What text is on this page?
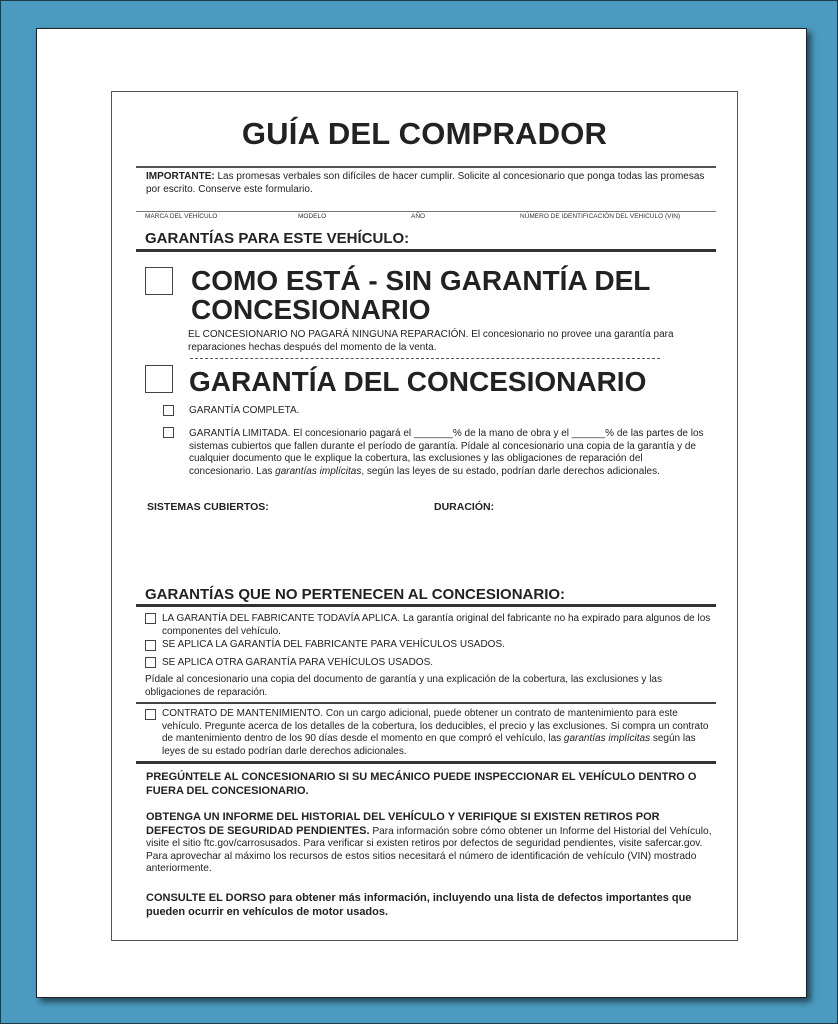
GUÍA DEL COMPRADOR
IMPORTANTE: Las promesas verbales son difíciles de hacer cumplir. Solicite al concesionario que ponga todas las promesas por escrito. Conserve este formulario.
MARCA DEL VEHÍCULO	MODELO	AÑO	NÚMERO DE IDENTIFICACIÓN DEL VEHICULO (VIN)
GARANTÍAS PARA ESTE VEHÍCULO:
COMO ESTÁ - SIN GARANTÍA DEL
CONCESIONARIO
EL CONCESIONARIO NO PAGARÁ NINGUNA REPARACIÓN. El concesionario no provee una garantía para reparaciones hechas después del momento de la venta.
GARANTÍA DEL CONCESIONARIO
GARANTÍA COMPLETA.
GARANTÍA LIMITADA. El concesionario pagará el _______% de la mano de obra y el ______% de las partes de los sistemas cubiertos que fallen durante el período de garantía. Pídale al concesionario una copia de la garantía y de cualquier documento que le explique la cobertura, las exclusiones y las obligaciones de reparación del concesionario. Las garantías implícitas, según las leyes de su estado, podrían darle derechos adicionales.
SISTEMAS CUBIERTOS:	DURACIÓN:
GARANTÍAS QUE NO PERTENECEN AL CONCESIONARIO:
LA GARANTÍA DEL FABRICANTE TODAVÍA APLICA. La garantía original del fabricante no ha expirado para algunos de los componentes del vehículo.
SE APLICA LA GARANTÍA DEL FABRICANTE PARA VEHÍCULOS USADOS.
SE APLICA OTRA GARANTÍA PARA VEHÍCULOS USADOS.
Pídale al concesionario una copia del documento de garantía y una explicación de la cobertura, las exclusiones y las obligaciones de reparación.
CONTRATO DE MANTENIMIENTO. Con un cargo adicional, puede obtener un contrato de mantenimiento para este vehículo. Pregunte acerca de los detalles de la cobertura, los deducibles, el precio y las exclusiones. Si compra un contrato de mantenimiento dentro de los 90 días desde el momento en que compró el vehículo, las garantías implícitas según las leyes de su estado podrían darle derechos adicionales.
PREGÚNTELE AL CONCESIONARIO SI SU MECÁNICO PUEDE INSPECCIONAR EL VEHÍCULO DENTRO O FUERA DEL CONCESIONARIO.
OBTENGA UN INFORME DEL HISTORIAL DEL VEHÍCULO Y VERIFIQUE SI EXISTEN RETIROS POR DEFECTOS DE SEGURIDAD PENDIENTES. Para información sobre cómo obtener un Informe del Historial del Vehículo, visite el sitio ftc.gov/carrosusados. Para verificar si existen retiros por defectos de seguridad pendientes, visite safercar.gov. Para aprovechar al máximo los recursos de estos sitios necesitará el número de identificación de vehículo (VIN) mostrado anteriormente.
CONSULTE EL DORSO para obtener más información, incluyendo una lista de defectos importantes que pueden ocurrir en vehículos de motor usados.
